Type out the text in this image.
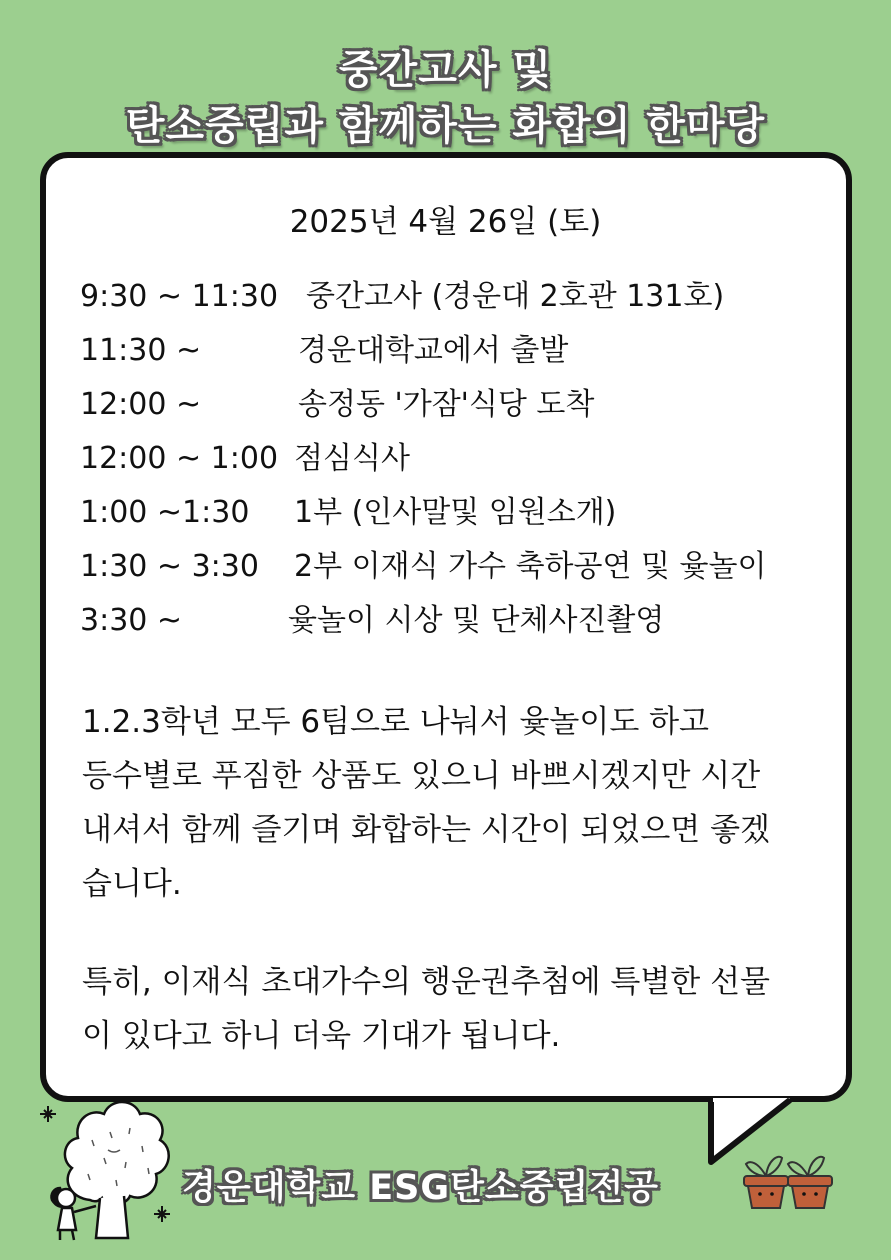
중간고사 및
탄소중립과 함께하는 화합의 한마당
2025년 4월 26일 (토)
9:30 ~ 11:30 중간고사 (경운대 2호관 131호)
11:30 ~	경운대학교에서 출발
12:00 ~	송정동 '가잠'식당 도착
12:00 ~ 1:00 점심식사
1:00 ~1:30 1부 (인사말및 임원소개)
1:30 ~ 3:30 2부 이재식 가수 축하공연 및 윷놀이
3:30 ~	윷놀이 시상 및 단체사진촬영
1.2.3학년 모두 6팀으로 나눠서 윷놀이도 하고
등수별로 푸짐한 상품도 있으니 바쁘시겠지만 시간
내셔서 함께 즐기며 화합하는 시간이 되었으면 좋겠
습니다.
특히, 이재식 초대가수의 행운권추첨에 특별한 선물
이 있다고 하니 더욱 기대가 됩니다.
경운대학교 ESG탄소중립전공
